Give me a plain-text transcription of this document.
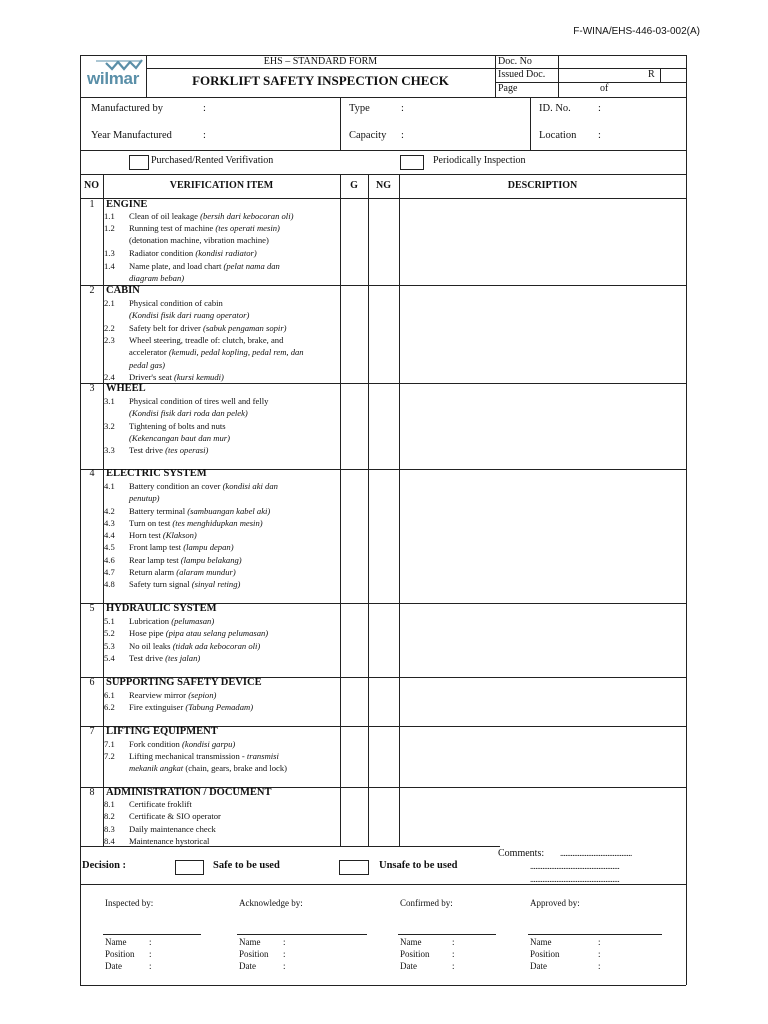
F-WINA/EHS-446-03-002(A)
wilmar
EHS – STANDARD FORM
FORKLIFT SAFETY INSPECTION CHECK
Doc. No
Issued Doc.	R
Page	of
Manufactured by	:
Year Manufactured	:
Type	:
Capacity :
ID. No.	:
Location :
Purchased/Rented Verifivation	Periodically Inspection
NO	VERIFICATION ITEM	G	NG	DESCRIPTION
1	ENGINE
1.1 Clean of oil leakage (bersih dari kebocoran oli)
1.2 Running test of machine (tes operati mesin)
(detonation machine, vibration machine)
1.3 Radiator condition (kondisi radiator)
1.4 Name plate, and load chart (pelat nama dan
diagram beban)
2	CABIN
2.1 Physical condition of cabin
(Kondisi fisik dari ruang operator)
2.2 Safety belt for driver (sabuk pengaman sopir)
2.3 Wheel steering, treadle of: clutch, brake, and
accelerator (kemudi, pedal kopling, pedal rem, dan
pedal gas)
2.4 Driver's seat (kursi kemudi)
3	WHEEL
3.1 Physical condition of tires well and felly
(Kondisi fisik dari roda dan pelek)
3.2 Tightening of bolts and nuts
(Kekencangan baut dan mur)
3.3 Test drive (tes operasi)
4	ELECTRIC SYSTEM
4.1 Battery condition an cover (kondisi aki dan
penutup)
4.2 Battery terminal (sambuangan kabel aki)
4.3 Turn on test (tes menghidupkan mesin)
4.4 Horn test (Klakson)
4.5 Front lamp test (lampu depan)
4.6 Rear lamp test (lampu belakang)
4.7 Return alarm (alaram mundur)
4.8 Safety turn signal (sinyal reting)
5	HYDRAULIC SYSTEM
5.1 Lubrication (pelumasan)
5.2 Hose pipe (pipa atau selang pelumasan)
5.3 No oil leaks (tidak ada kebocoran oli)
5.4 Test drive (tes jalan)
6	SUPPORTING SAFETY DEVICE
6.1 Rearview mirror (sepion)
6.2 Fire extinguiser (Tabung Pemadam)
7	LIFTING EQUIPMENT
7.1 Fork condition (kondisi garpu)
7.2 Lifting mechanical transmission - transmisi
mekanik angkat (chain, gears, brake and lock)
8	ADMINISTRATION / DOCUMENT
8.1 Certificate froklift
8.2 Certificate & SIO operator
8.3 Daily maintenance check
8.4 Maintenance hystorical
Decision :	Safe to be used	Unsafe to be used
Comments: .........................................
...................................................
...................................................
Inspected by:	Acknowledge by:	Confirmed by:	Approved by:
Name	:
Position :
Date	:
Name	:
Position :
Date	:
Name	:
Position :
Date	:
Name	:
Position	:
Date	:
